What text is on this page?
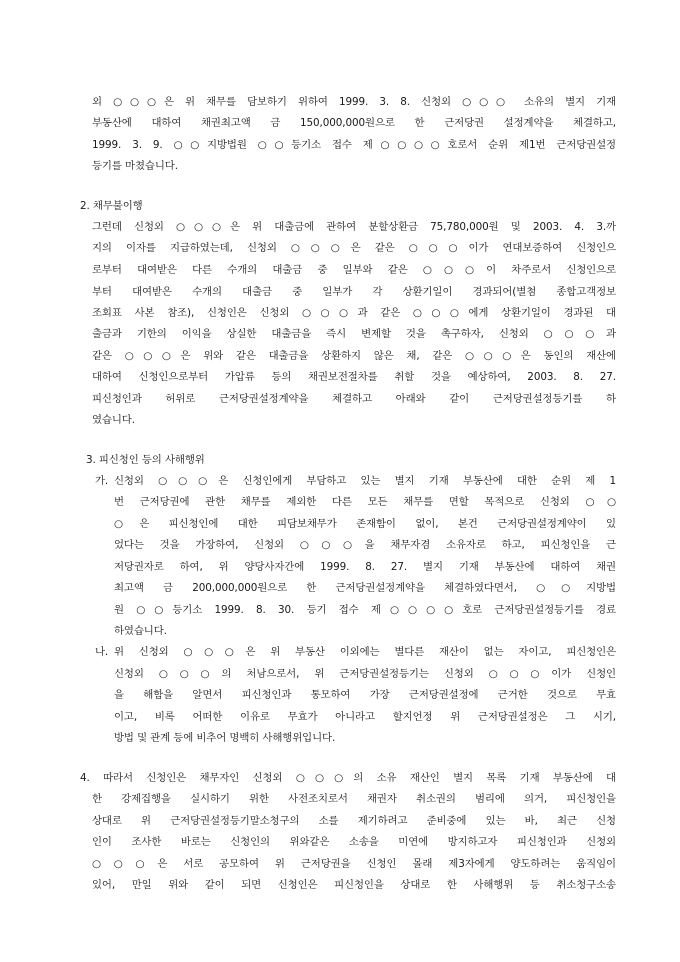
외 ○○○은 위 채무를 담보하기 위하여 1999. 3. 8. 신청외 ○○○ 소유의 별지 기재

부동산에 대하여 채권최고액 금 150,000,000원으로 한 근저당권 설정계약을 체결하고,

1999. 3. 9. ○○지방법원 ○○등기소 접수 제○○○○호로서 순위 제1번 근저당권설정

등기를 마쳤습니다.

2. 채무불이행

그런데 신청외 ○○○은 위 대출금에 관하여 분할상환금 75,780,000원 및 2003. 4. 3.까

지의 이자를 지급하였는데, 신청외 ○○○은 같은 ○○○이가 연대보증하여 신청인으

로부터 대여받은 다른 수개의 대출금 중 일부와 같은 ○○○이 차주로서 신청인으로

부터 대여받은 수개의 대출금 중 일부가 각 상환기일이 경과되어(별첨 종합고객정보

조회표 사본 참조), 신청인은 신청외 ○○○과 같은 ○○○에게 상환기일이 경과된 대

출금과 기한의 이익을 상실한 대출금을 즉시 변제할 것을 촉구하자, 신청외 ○○○과

같은 ○○○은 위와 같은 대출금을 상환하지 않은 채, 같은 ○○○은 동인의 재산에

대하여 신청인으로부터 가압류 등의 채권보전절차를 취할 것을 예상하여, 2003. 8. 27.

피신청인과 허위로 근저당권설정계약을 체결하고 아래와 같이 근저당권설정등기를 하

였습니다.

3. 피신청인 등의 사해행위

가. 신청외 ○○○은 신청인에게 부담하고 있는 별지 기재 부동산에 대한 순위 제 1

번 근저당권에 관한 채무를 제외한 다른 모든 채무를 면할 목적으로 신청외 ○○

○은 피신청인에 대한 피담보채무가 존재함이 없이, 본건 근저당권설정계약이 있

었다는 것을 가장하여, 신청외 ○○○을 채무자겸 소유자로 하고, 피신청인을 근

저당권자로 하여, 위 양당사자간에 1999. 8. 27. 별지 기재 부동산에 대하여 채권

최고액 금 200,000,000원으로 한 근저당권설정계약을 체결하였다면서, ○○지방법

원 ○○등기소 1999. 8. 30. 등기 접수 제○○○○호로 근저당권설정등기를 경료

하였습니다.

나. 위 신청외 ○○○은 위 부동산 이외에는 별다른 재산이 없는 자이고, 피신청인은

신청외 ○○○의 처남으로서, 위 근저당권설정등기는 신청외 ○○○이가 신청인

을 해함을 알면서 피신청인과 통모하여 가장 근저당권설정에 근거한 것으로 무효

이고, 비록 어떠한 이유로 무효가 아니라고 할지언정 위 근저당권설정은 그 시기,

방법 및 관계 등에 비추어 명백히 사해행위입니다.

4. 따라서 신청인은 채무자인 신청외 ○○○의 소유 재산인 별지 목록 기재 부동산에 대

한 강제집행을 실시하기 위한 사전조치로서 채권자 취소권의 범리에 의거, 피신청인을

상대로 위 근저당권설정등기말소청구의 소를 제기하려고 준비중에 있는 바, 최근 신청

인이 조사한 바로는 신청인의 위와같은 소송을 미연에 방지하고자 피신청인과 신청외

○○○은 서로 공모하여 위 근저당권을 신청인 몰래 제3자에게 양도하려는 움직임이

있어, 만일 위와 같이 되면 신청인은 피신청인을 상대로 한 사해행위 등 취소청구소송
